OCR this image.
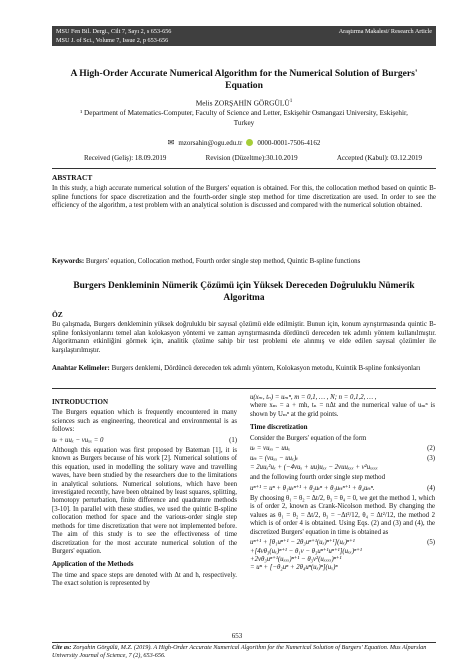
MSU Fen Bil. Dergi., Cilt 7, Sayı 2, s 653-656	Araştırma Makalesi/ Research Article
MSU J. of Sci., Volume 7, Issue 2, p 653-656
A High-Order Accurate Numerical Algorithm for the Numerical Solution of Burgers' Equation
Melis ZORŞAHİN GÖRGÜLÜ$^1$
¹ Department of Matematics-Computer, Faculty of Science and Letter, Eskişehir Osmangazi University, Eskişehir, Turkey
✉ mzorsahin@ogu.edu.tr 0000-0001-7506-4162
Received (Geliş): 18.09.2019	Revision (Düzeltme):30.10.2019	Accepted (Kabul): 03.12.2019
ABSTRACT
In this study, a high accurate numerical solution of the Burgers' equation is obtained. For this, the collocation method based on quintic B-spline functions for space discretization and the fourth-order single step method for time discretization are used. In order to see the efficiency of the algorithm, a test problem with an analytical solution is discussed and compared with the numerical solution obtained.
Keywords: Burgers' equation, Collocation method, Fourth order single step method, Quintic B-spline functions
Burgers Denkleminin Nümerik Çözümü için Yüksek Dereceden Doğruluklu Nümerik Algoritma
ÖZ
Bu çalışmada, Burgers denkleminin yüksek doğruluklu bir sayısal çözümü elde edilmiştir. Bunun için, konum ayrıştırmasında quintic B-spline fonksiyonlarını temel alan kolokasyon yöntemi ve zaman ayrıştırmasında dördüncü dereceden tek adımlı yöntem kullanılmıştır. Algoritmanın etkinliğini görmek için, analitik çözüme sahip bir test problemi ele alınmış ve elde edilen sayısal çözümler ile karşılaştırılmıştır.
Anahtar Kelimeler: Burgers denklemi, Dördüncü dereceden tek adımlı yöntem, Kolokasyon metodu, Kuintik B-spline fonksiyonları
INTRODUCTION

The Burgers equation which is frequently encountered in many sciences such as engineering, theoretical and environmental is as follows:

uₜ + uuₓ − νuₓₓ = 0	(1)

Although this equation was first proposed by Bateman [1], it is known as Burgers because of his work [2]. Numerical solutions of this equation, used in modelling the solitary wave and travelling waves, have been studied by the researchers due to the limitations in analytical solutions. Numerical solutions, which have been investigated recently, have been obtained by least squares, splitting, homotopy perturbation, finite difference and quadrature methods [3-10]. In parallel with these studies, we used the quintic B-spline collocation method for space and the various-order single step methods for time discretization that were not implemented before. The aim of this study is to see the effectiveness of time discretization for the most accurate numerical solution of the Burgers' equation.

Application of the Methods

The time and space steps are denoted with Δt and h, respectively. The exact solution is represented by

u(xₘ, tₙ) = uₘⁿ, m = 0,1, … , N; n = 0,1,2, … ,

where xₘ = a + mh, tₙ = nΔt and the numerical value of uₘⁿ is shown by Uₘⁿ at the grid points.

Time discretization

Consider the Burgers' equation of the form

uₜ = νuₓₓ − uuₓ	(2)
uₜₜ = (νuₓₓ − uuₓ)ₜ
= 2uuₓ²uₓ + (−4νuₓ + uu)uₓₓ − 2νuuₓₓₓ + ν²uₓₓₓₓ
(3)

and the following fourth order single step method

uⁿ⁺¹ = uⁿ + θ₁uₜⁿ⁺¹ + θ₂uₜⁿ + θ₃uₜₜⁿ⁺¹ + θ₄uₜₜⁿ.	(4)

By choosing θ₁ = θ₂ = Δt/2, θ₃ = θ₄ = 0, we get the method 1, which is of order 2, known as Crank-Nicolson method. By changing the values as θ₁ = θ₂ = Δt/2, θ₃ = −Δt²/12, θ₄ = Δt²/12, the method 2 which is of order 4 is obtained. Using Eqs. (2) and (3) and (4), the discretized Burgers' equation in time is obtained as

uⁿ⁺¹ + [θ₁uⁿ⁺¹ − 2θ₃uⁿ⁺¹(uₓ)ⁿ⁺¹](uₓ)ⁿ⁺¹
+[4νθ₃(uₓ)ⁿ⁺¹ − θ₁ν − θ₃uⁿ⁺¹uⁿ⁺¹](uₓₓ)ⁿ⁺¹
+2νθ₃uⁿ⁺¹(uₓₓₓ)ⁿ⁺¹ − θ₃ν²(uₓₓₓₓ)ⁿ⁺¹
= uⁿ + [−θ₂uⁿ + 2θ₄uⁿ(uₓ)ⁿ](uₓ)ⁿ
(5)
653
Cite as: Zorşahin Görgülü, M.Z. (2019). A High-Order Accurate Numerical Algorithm for the Numerical Solution of Burgers' Equation. Mus Alparslan University Journal of Science, 7 (2), 653-656.
